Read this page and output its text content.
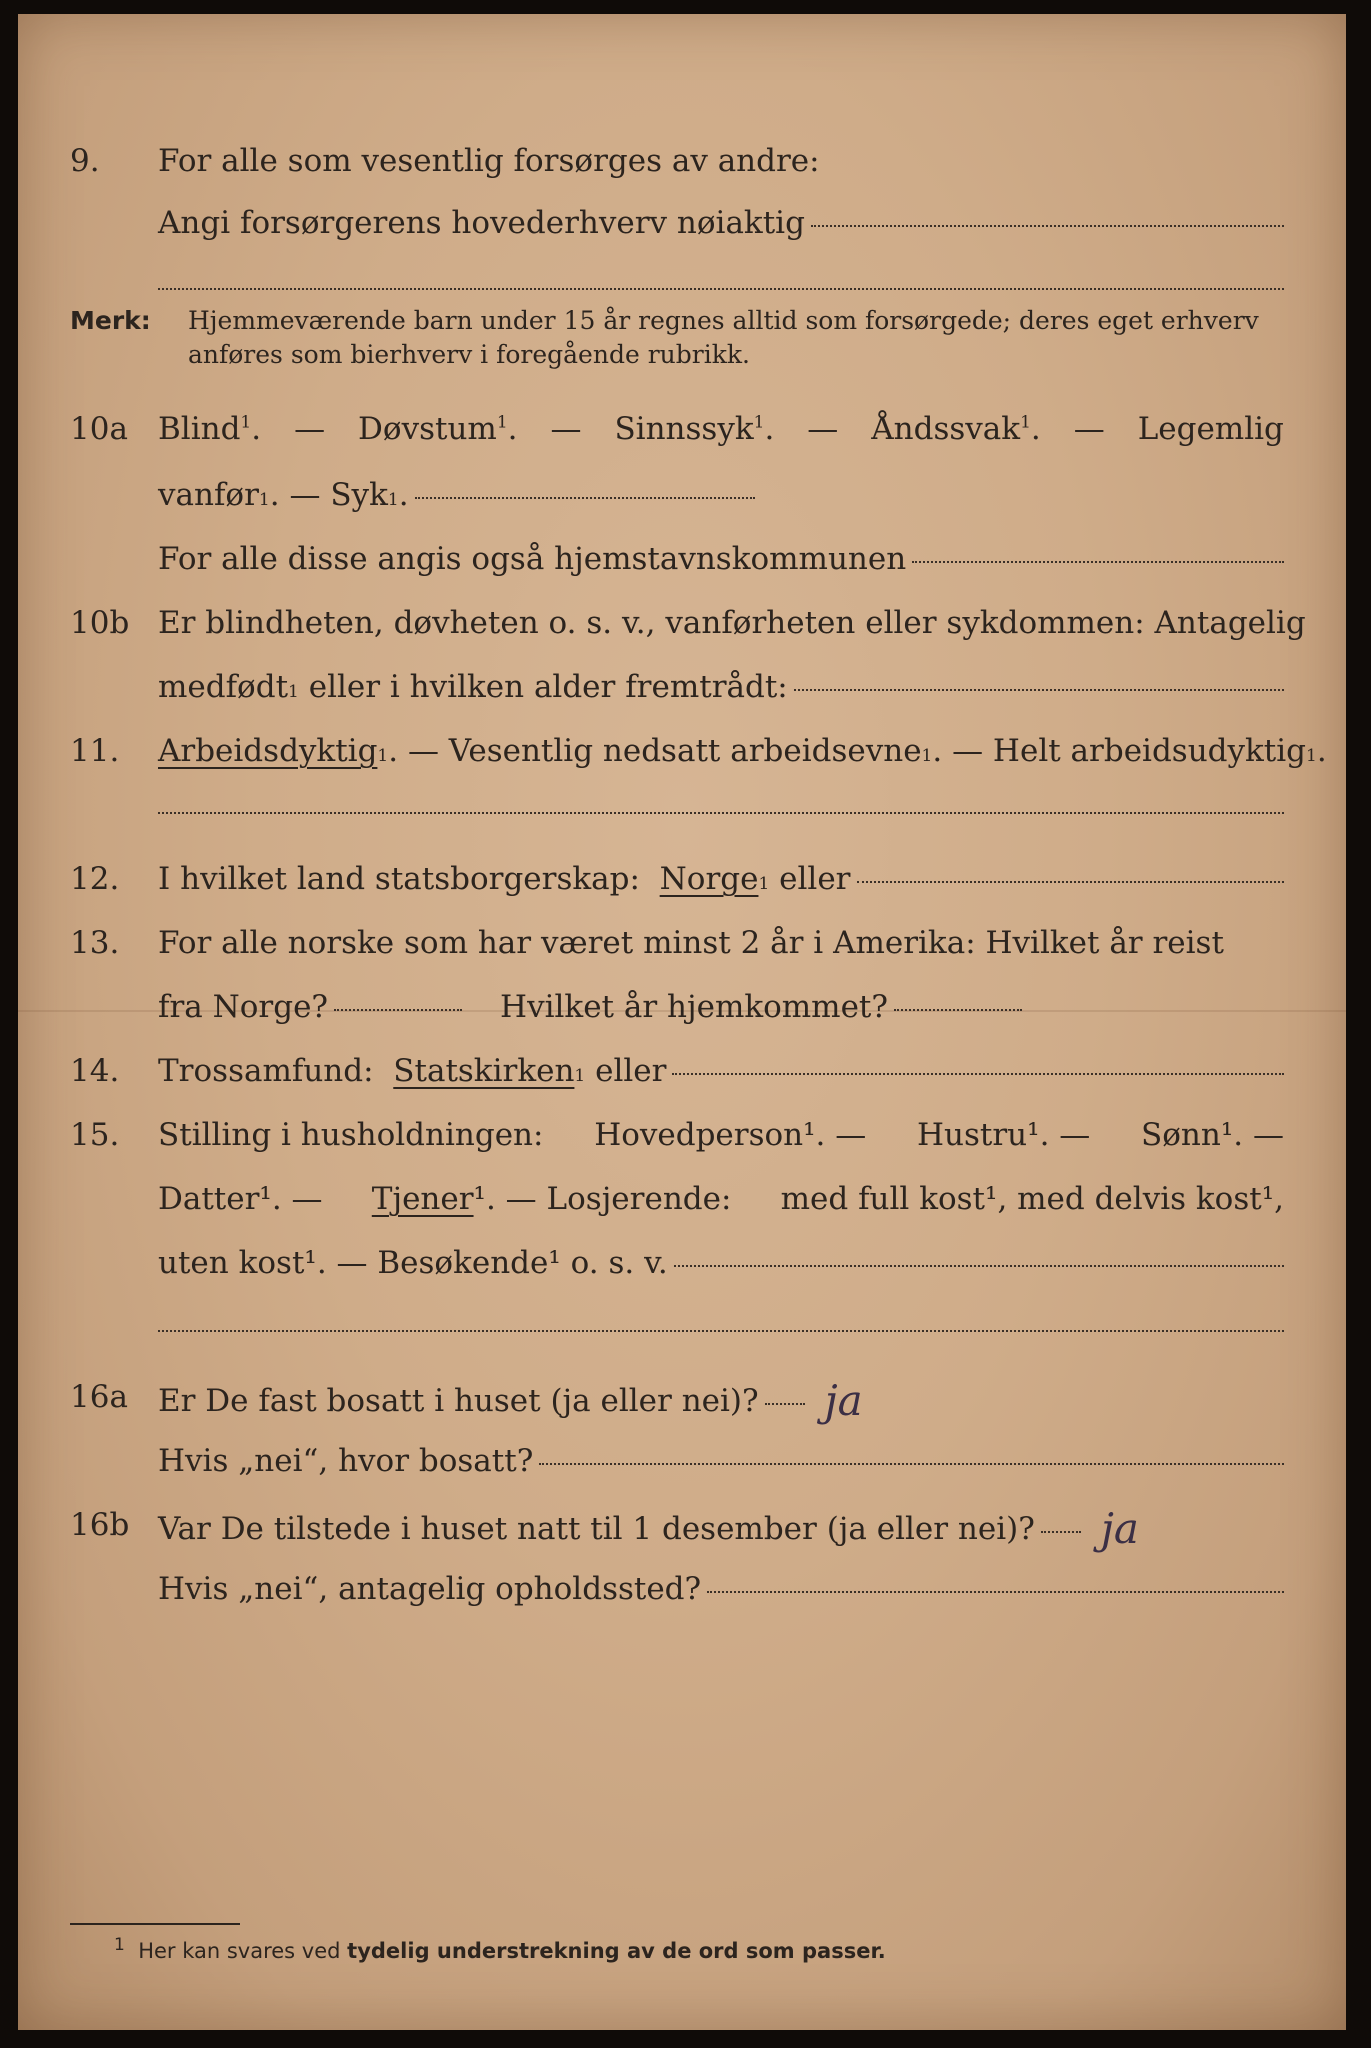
9.	For alle som vesentlig forsørges av andre:
Angi forsørgerens hovederhverv nøiaktig
Merk: Hjemmeværende barn under 15 år regnes alltid som forsørgede; deres eget erhverv anføres som bierhverv i foregående rubrikk.
10a Blind$^1$. — Døvstum$^1$. — Sinnssyk$^1$. — Åndssvak$^1$. — Legemlig
vanfør 1 . — Syk 1 .
For alle disse angis også hjemstavnskommunen
10b Er blindheten, døvheten o. s. v., vanførheten eller sykdommen: Antagelig
medfødt 1
eller i hvilken alder fremtrådt:
11.	Arbeidsdyktig 1 . — Vesentlig nedsatt arbeidsevne 1 . — Helt arbeidsudyktig 1 .
12.	I hvilket land statsborgerskap:
Norge 1
eller
13.	For alle norske som har været minst 2 år i Amerika: Hvilket år reist
fra Norge?	Hvilket år hjemkommet?
14.	Trossamfund:
Statskirken 1
eller
15.	Stilling i husholdningen: Hovedperson¹. — Hustru¹. — Sønn¹. —
Datter¹. — Tjener¹. — Losjerende: med full kost¹, med delvis kost¹,
uten kost¹. — Besøkende¹ o. s. v.
16a Er De fast bosatt i huset (ja eller nei)? ja
Hvis „nei“, hvor bosatt?
16b Var De tilstede i huset natt til 1 desember (ja eller nei)? ja
Hvis „nei“, antagelig opholdssted?
$^1$ Her kan svares ved tydelig understrekning av de ord som passer.
